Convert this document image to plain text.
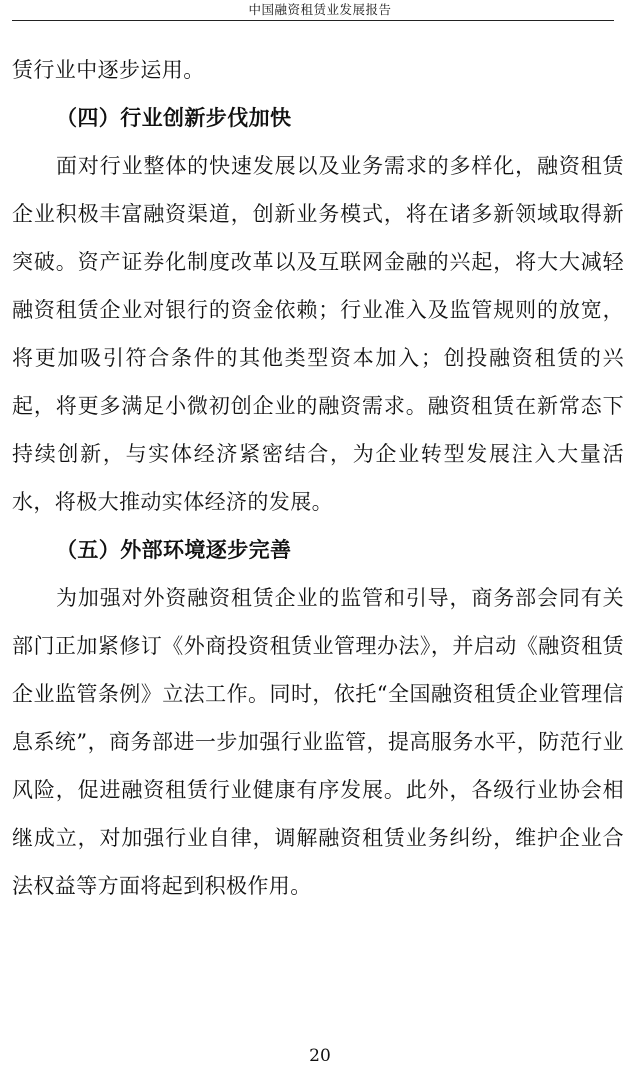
中国融资租赁业发展报告

赁行业中逐步运用。

（四）行业创新步伐加快

面对行业整体的快速发展以及业务需求的多样化，融资租赁企业积极丰富融资渠道，创新业务模式，将在诸多新领域取得新突破。资产证券化制度改革以及互联网金融的兴起，将大大减轻融资租赁企业对银行的资金依赖；行业准入及监管规则的放宽，将更加吸引符合条件的其他类型资本加入；创投融资租赁的兴起，将更多满足小微初创企业的融资需求。融资租赁在新常态下持续创新，与实体经济紧密结合，为企业转型发展注入大量活水，将极大推动实体经济的发展。

（五）外部环境逐步完善

为加强对外资融资租赁企业的监管和引导，商务部会同有关部门正加紧修订《外商投资租赁业管理办法》，并启动《融资租赁企业监管条例》立法工作。同时，依托“全国融资租赁企业管理信息系统”，商务部进一步加强行业监管，提高服务水平，防范行业风险，促进融资租赁行业健康有序发展。此外，各级行业协会相继成立，对加强行业自律，调解融资租赁业务纠纷，维护企业合法权益等方面将起到积极作用。

20
